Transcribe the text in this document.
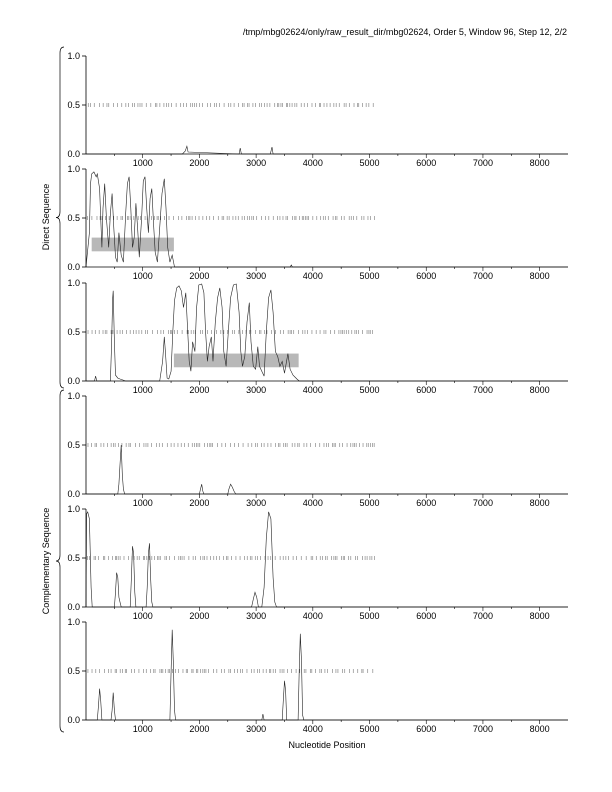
/tmp/mbg02624/only/raw_result_dir/mbg02624, Order 5, Window 96, Step 12, 2/2
0.0
0.5
1.0
1000	2000	3000	4000	5000	6000	7000	8000
0.0
0.5
1.0
1000	2000	3000	4000	5000	6000	7000	8000
0.0
0.5
1.0
1000	2000	3000	4000	5000	6000	7000	8000
0.0
0.5
1.0
1000	2000	3000	4000	5000	6000	7000	8000
0.0
0.5
1.0
1000	2000	3000	4000	5000	6000	7000	8000
0.0
0.5
1.0
1000	2000	3000	4000	5000	6000	7000	8000
Direct Sequence
Complementary Sequence
Nucleotide Position
